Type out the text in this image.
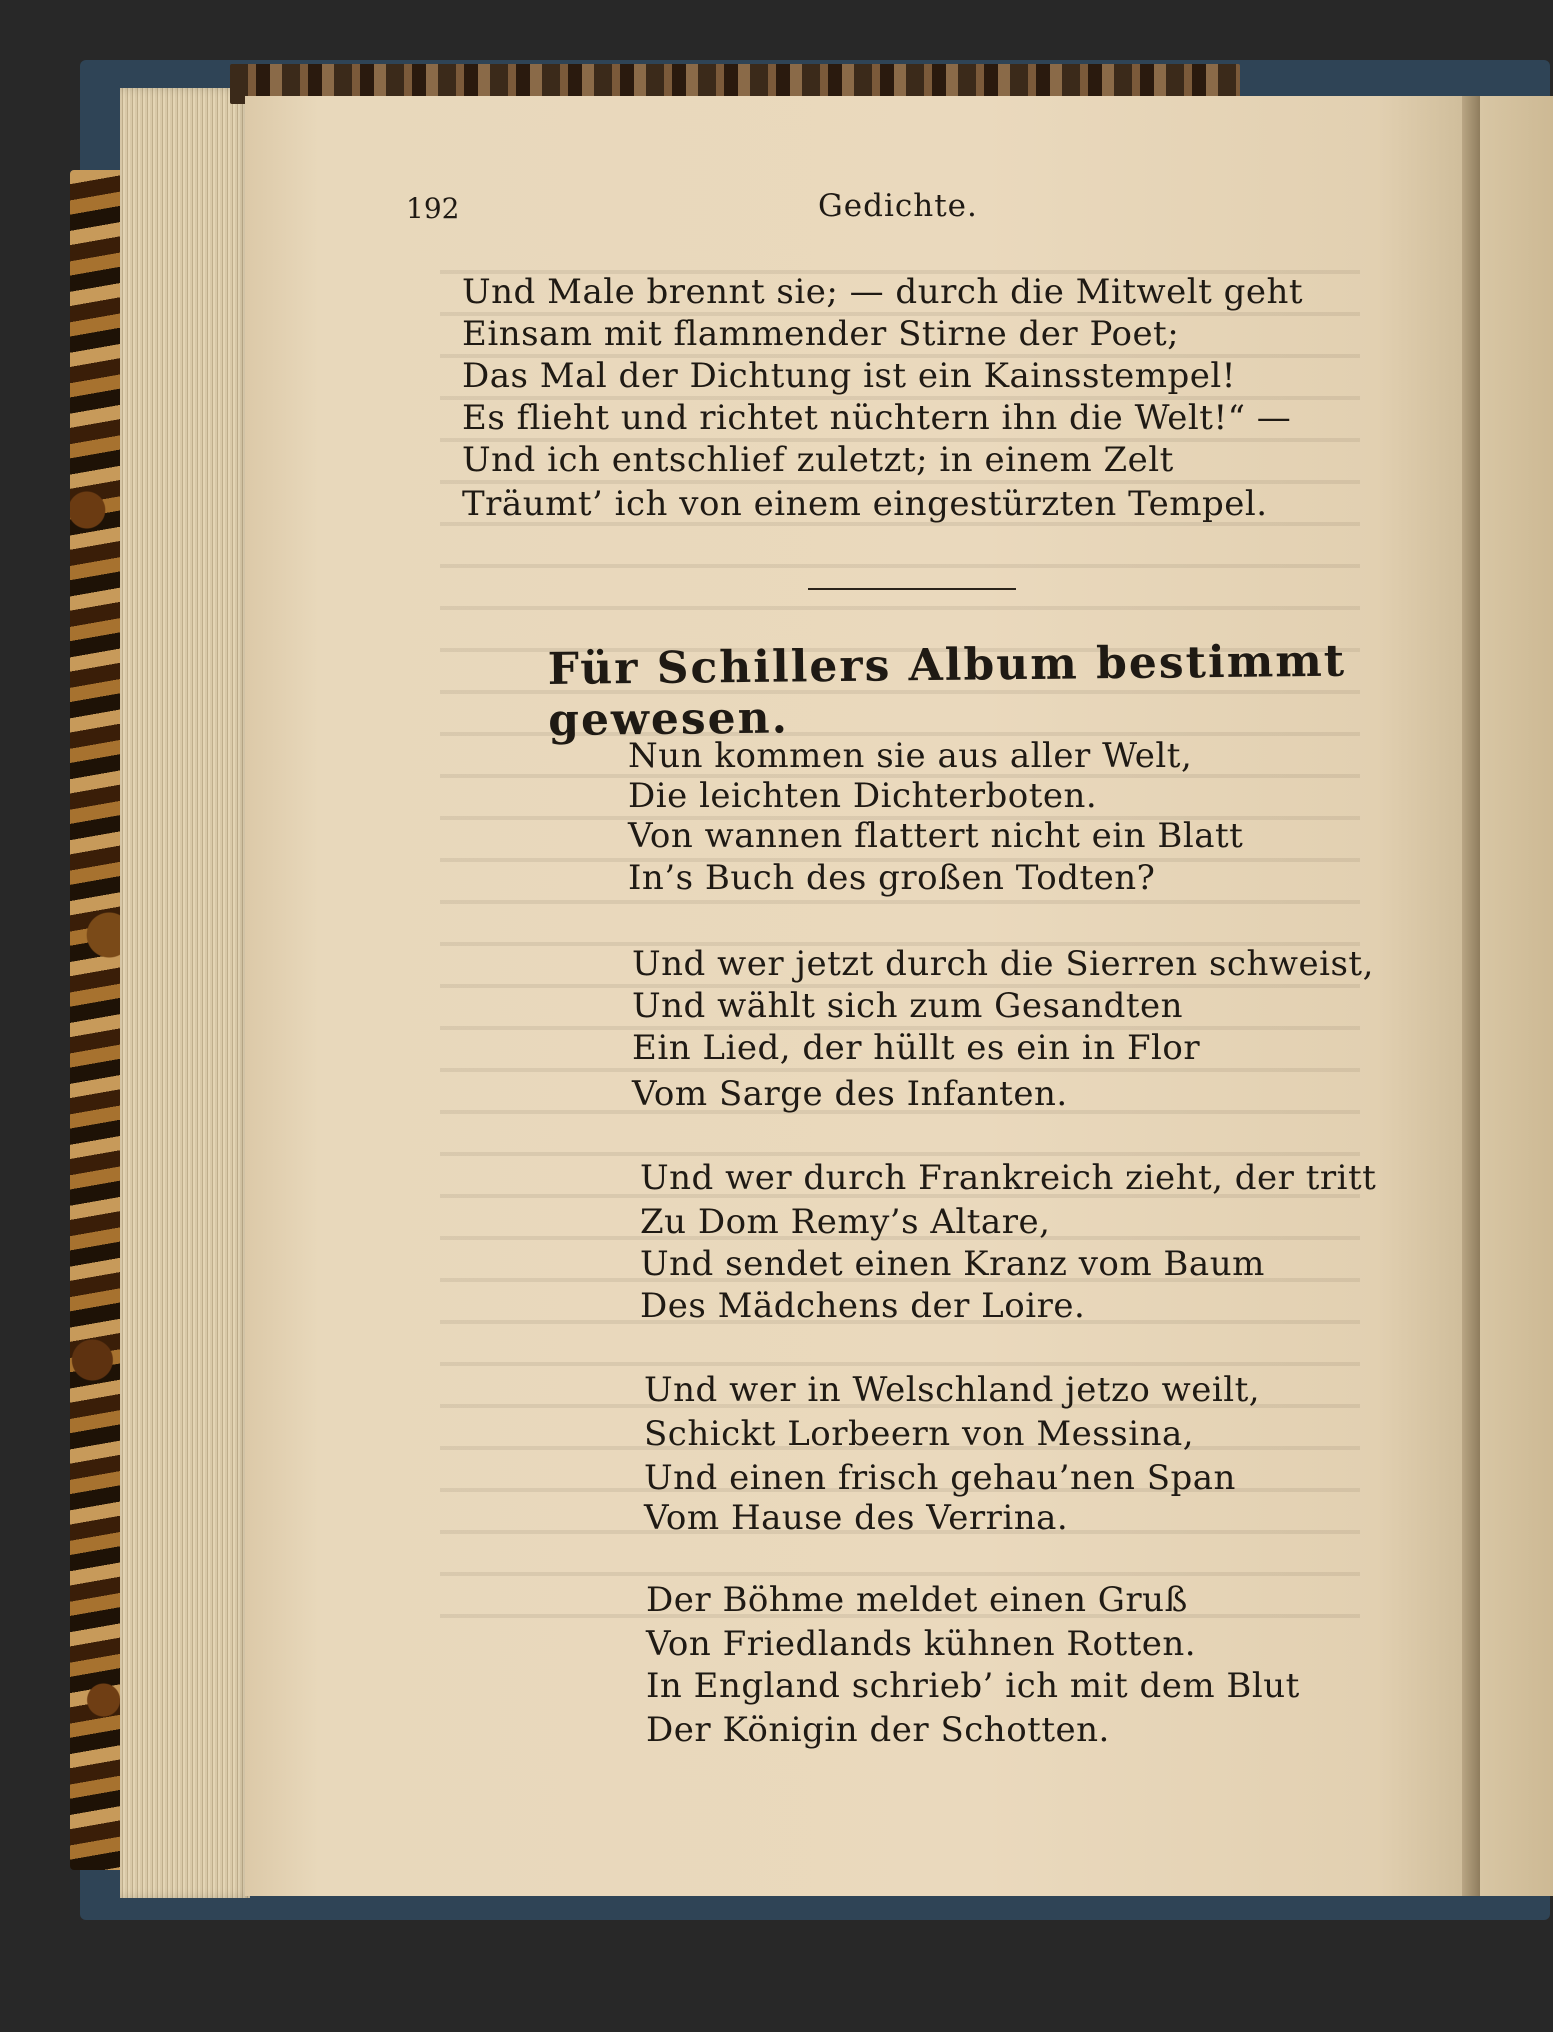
192	Gedichte.
Und Male brennt sie; — durch die Mitwelt geht
Einsam mit flammender Stirne der Poet;
Das Mal der Dichtung ist ein Kainsstempel!
Es flieht und richtet nüchtern ihn die Welt!“ —
Und ich entschlief zuletzt; in einem Zelt
Träumt’ ich von einem eingestürzten Tempel.
Für Schillers Album bestimmt gewesen.
Nun kommen sie aus aller Welt,
Die leichten Dichterboten.
Von wannen flattert nicht ein Blatt
In’s Buch des großen Todten?
Und wer jetzt durch die Sierren schweist,
Und wählt sich zum Gesandten
Ein Lied, der hüllt es ein in Flor
Vom Sarge des Infanten.
Und wer durch Frankreich zieht, der tritt
Zu Dom Remy’s Altare,
Und sendet einen Kranz vom Baum
Des Mädchens der Loire.
Und wer in Welschland jetzo weilt,
Schickt Lorbeern von Messina,
Und einen frisch gehau’nen Span
Vom Hause des Verrina.
Der Böhme meldet einen Gruß
Von Friedlands kühnen Rotten.
In England schrieb’ ich mit dem Blut
Der Königin der Schotten.
